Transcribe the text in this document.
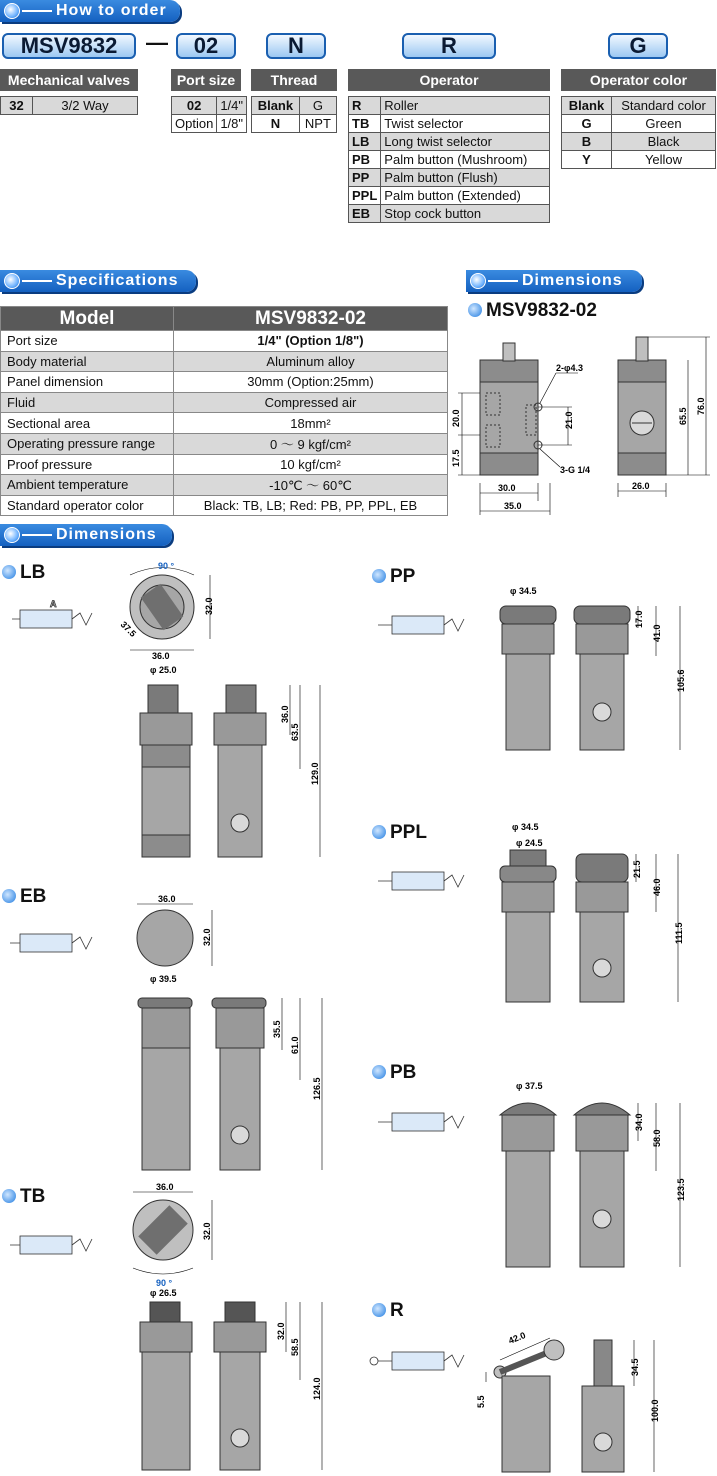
How to order
MSV9832	—	02	N	R	G
Mechanical valves
32	3/2 Way
Port size
02	1/4"
Option	1/8"
Thread
Blank	G
N	NPT
Operator
R	Roller
TB	Twist selector
LB	Long twist selector
PB	Palm button (Mushroom)
PP	Palm button (Flush)
PPL	Palm button (Extended)
EB	Stop cock button
Operator color
Blank	Standard color
G	Green
B	Black
Y	Yellow
Specifications
Model	MSV9832-02
Port size	1/4" (Option 1/8")
Body material	Aluminum alloy
Panel dimension	30mm (Option:25mm)
Fluid	Compressed air
Sectional area	18mm²
Operating pressure range	0 ～ 9 kgf/cm²
Proof pressure	10 kgf/cm²
Ambient temperature	-10℃ ～ 60℃
Standard operator color	Black: TB, LB; Red: PB, PP, PPL, EB
Dimensions
MSV9832-02
2-φ4.3
21.0
20.0
17.5
3-G 1/4
30.0
35.0
65.5
76.0
26.0
Dimensions
LB
A
90 °
32.0
37.5
36.0
φ 25.0
36.0
63.5
129.0
EB	36.0
32.0
φ 39.5
35.5
61.0
126.5
TB	36.0
32.0
90 °
φ 26.5
32.0
58.5
124.0
PP
φ 34.5
17.0
41.0
105.6
PPL	φ 34.5
φ 24.5
21.5
46.0
111.5
PB
φ 37.5
34.0
58.0
123.5
R
42.0
5.5
34.5
100.0
